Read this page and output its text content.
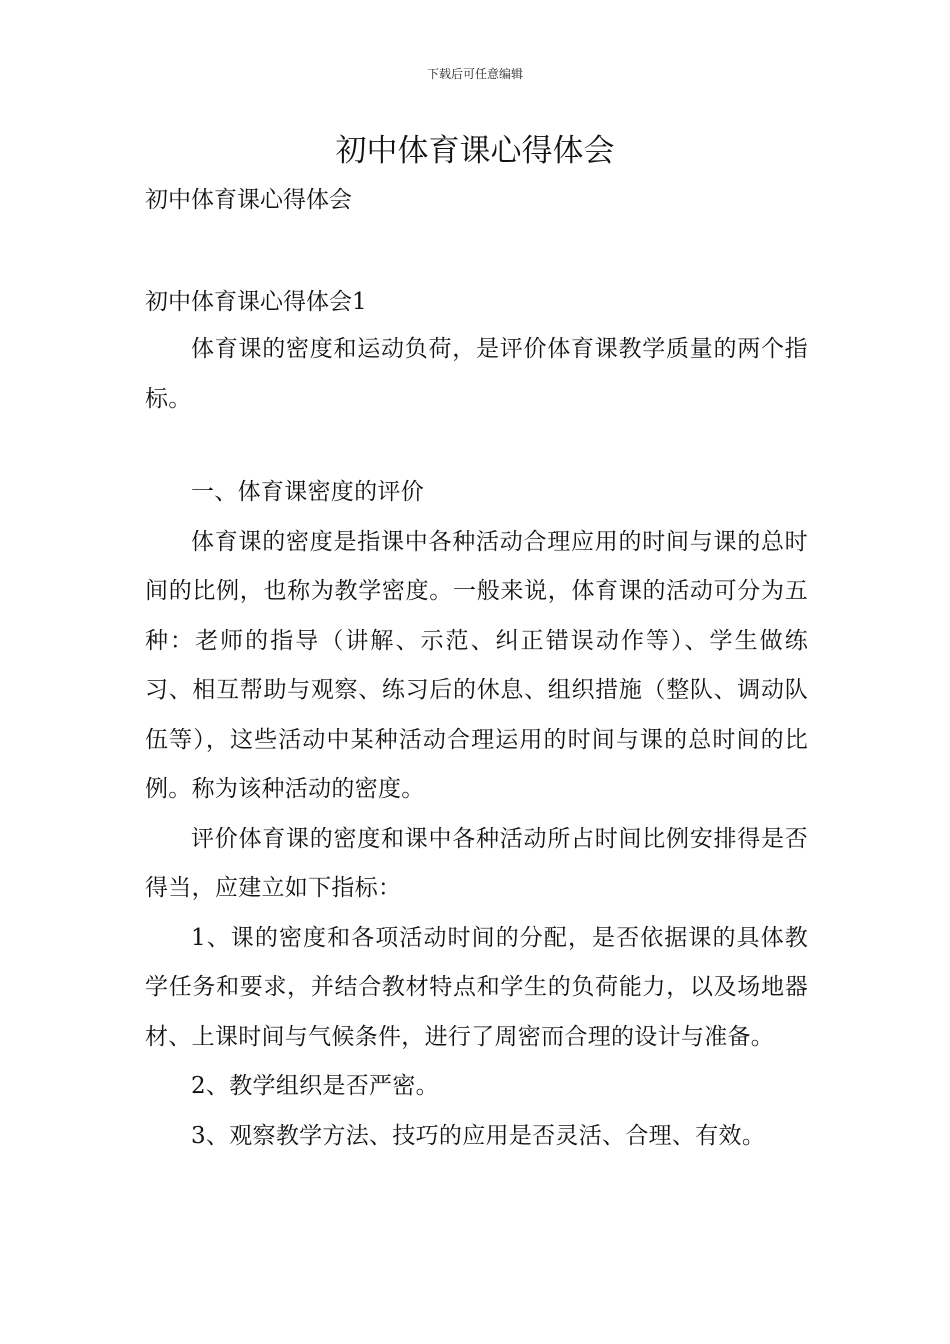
下载后可任意编辑
初中体育课心得体会
初中体育课心得体会
初中体育课心得体会1

体育课的密度和运动负荷，是评价体育课教学质量的两个指标。

一、体育课密度的评价

体育课的密度是指课中各种活动合理应用的时间与课的总时间的比例，也称为教学密度。一般来说，体育课的活动可分为五种：老师的指导（讲解、示范、纠正错误动作等）、学生做练习、相互帮助与观察、练习后的休息、组织措施（整队、调动队伍等），这些活动中某种活动合理运用的时间与课的总时间的比例。称为该种活动的密度。

评价体育课的密度和课中各种活动所占时间比例安排得是否得当，应建立如下指标：

1、课的密度和各项活动时间的分配，是否依据课的具体教学任务和要求，并结合教材特点和学生的负荷能力，以及场地器材、上课时间与气候条件，进行了周密而合理的设计与准备。

2、教学组织是否严密。

3、观察教学方法、技巧的应用是否灵活、合理、有效。
